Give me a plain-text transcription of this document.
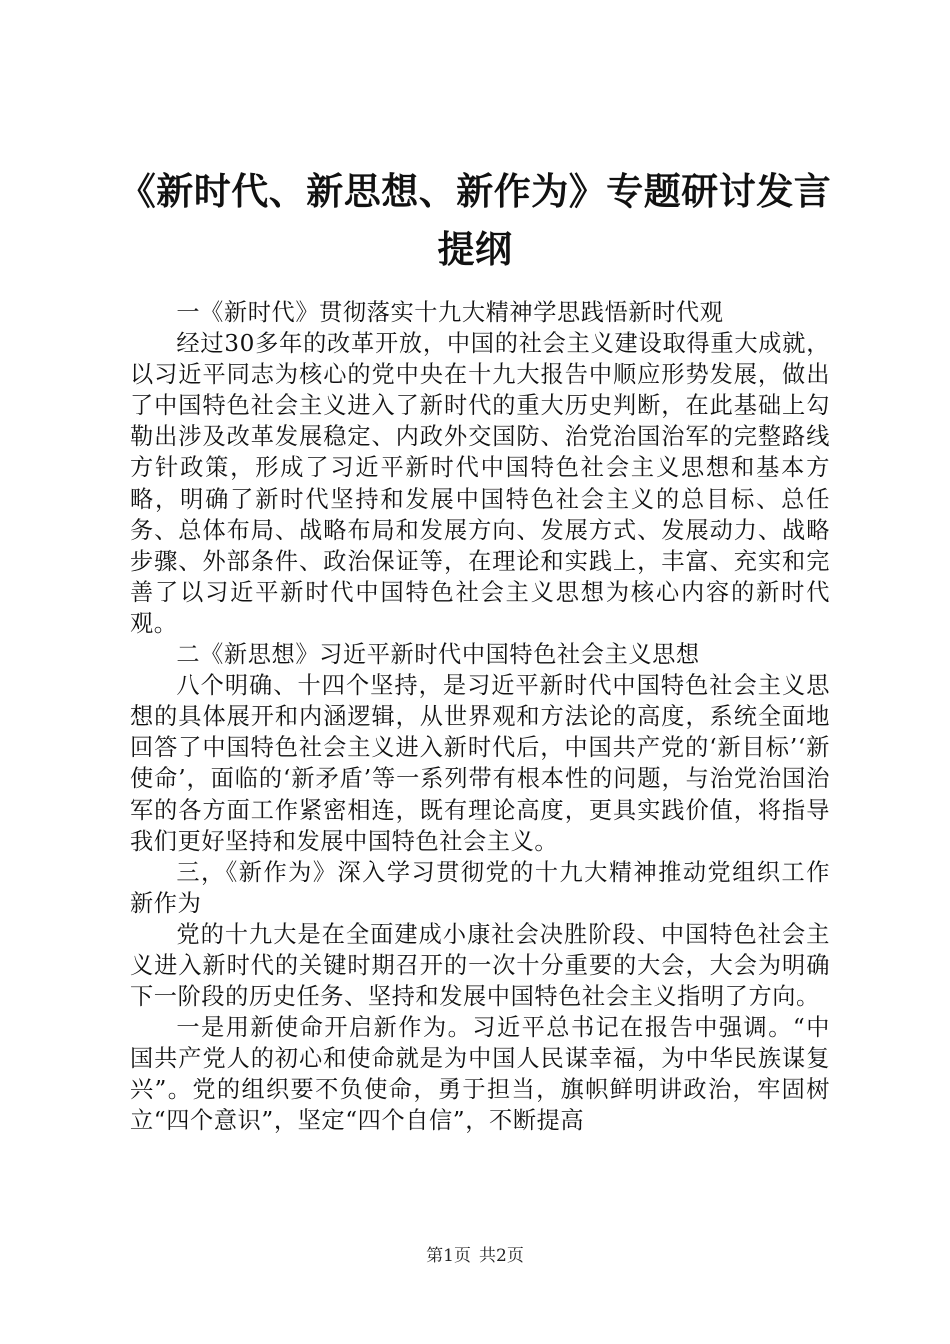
《新时代、新思想、新作为》专题研讨发言提纲

一《新时代》贯彻落实十九大精神学思践悟新时代观

经过30多年的改革开放，中国的社会主义建设取得重大成就，以习近平同志为核心的党中央在十九大报告中顺应形势发展，做出了中国特色社会主义进入了新时代的重大历史判断，在此基础上勾勒出涉及改革发展稳定、内政外交国防、治党治国治军的完整路线方针政策，形成了习近平新时代中国特色社会主义思想和基本方略，明确了新时代坚持和发展中国特色社会主义的总目标、总任务、总体布局、战略布局和发展方向、发展方式、发展动力、战略步骤、外部条件、政治保证等，在理论和实践上，丰富、充实和完善了以习近平新时代中国特色社会主义思想为核心内容的新时代观。

二《新思想》习近平新时代中国特色社会主义思想

八个明确、十四个坚持，是习近平新时代中国特色社会主义思想的具体展开和内涵逻辑，从世界观和方法论的高度，系统全面地回答了中国特色社会主义进入新时代后，中国共产党的‘新目标’‘新使命’，面临的‘新矛盾’等一系列带有根本性的问题，与治党治国治军的各方面工作紧密相连，既有理论高度，更具实践价值，将指导我们更好坚持和发展中国特色社会主义。

三，《新作为》深入学习贯彻党的十九大精神推动党组织工作新作为

党的十九大是在全面建成小康社会决胜阶段、中国特色社会主义进入新时代的关键时期召开的一次十分重要的大会，大会为明确下一阶段的历史任务、坚持和发展中国特色社会主义指明了方向。

一是用新使命开启新作为。习近平总书记在报告中强调。“中国共产党人的初心和使命就是为中国人民谋幸福，为中华民族谋复兴”。党的组织要不负使命，勇于担当，旗帜鲜明讲政治，牢固树立“四个意识”，坚定“四个自信”，不断提高

第1页 共2页
